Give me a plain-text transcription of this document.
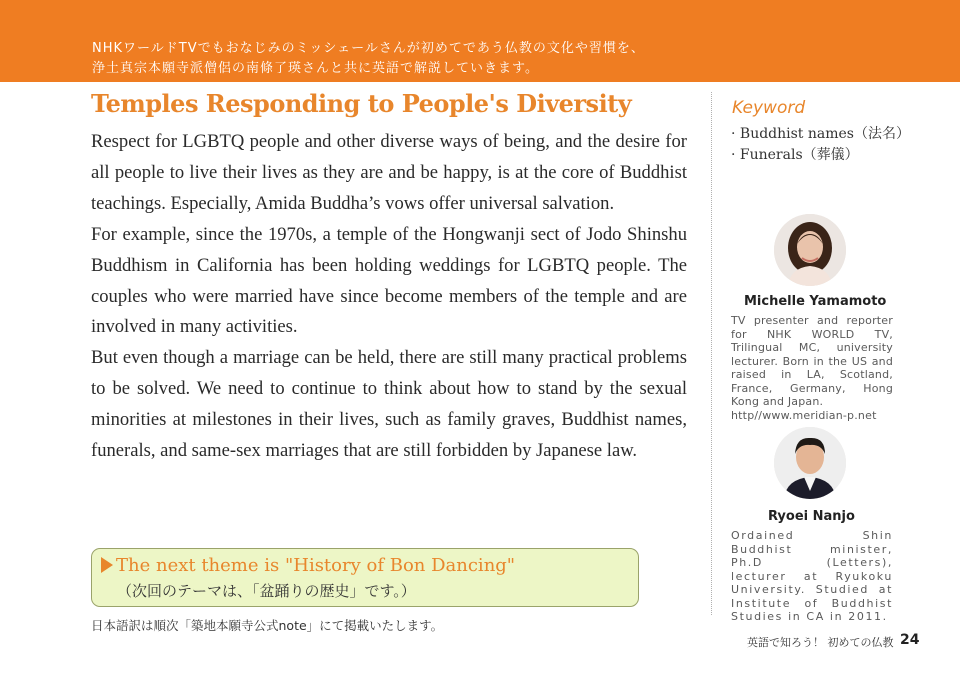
NHKワールドTVでもおなじみのミッシェールさんが初めてであう仏教の文化や習慣を、
浄土真宗本願寺派僧侶の南條了瑛さんと共に英語で解説していきます。
Temples Responding to People's Diversity

Respect for LGBTQ people and other diverse ways of being, and the desire for all people to live their lives as they are and be happy, is at the core of Buddhist teachings. Especially, Amida Buddha’s vows offer universal salvation.

For example, since the 1970s, a temple of the Hongwanji sect of Jodo Shinshu Buddhism in California has been holding weddings for LGBTQ people. The couples who were married have since become members of the temple and are involved in many activities.

But even though a marriage can be held, there are still many practical problems to be solved. We need to continue to think about how to stand by the sexual minorities at milestones in their lives, such as family graves, Buddhist names, funerals, and same-sex marriages that are still forbidden by Japanese law.

The next theme is "History of Bon Dancing"
（次回のテーマは、「盆踊りの歴史」です。）
日本語訳は順次「築地本願寺公式note」にて掲載いたします。
Keyword
· Buddhist names（法名）
· Funerals（葬儀）
Michelle Yamamoto
TV presenter and reporter for NHK WORLD TV, Trilingual MC, university lecturer. Born in the US and raised in LA, Scotland, France, Germany, Hong Kong and Japan.
http//www.meridian-p.net
Ryoei Nanjo
Ordained Shin Buddhist minister, Ph.D (Letters), lecturer at Ryukoku University. Studied at Institute of Buddhist Studies in CA in 2011.
英語で知ろう！ 初めての仏教 24
